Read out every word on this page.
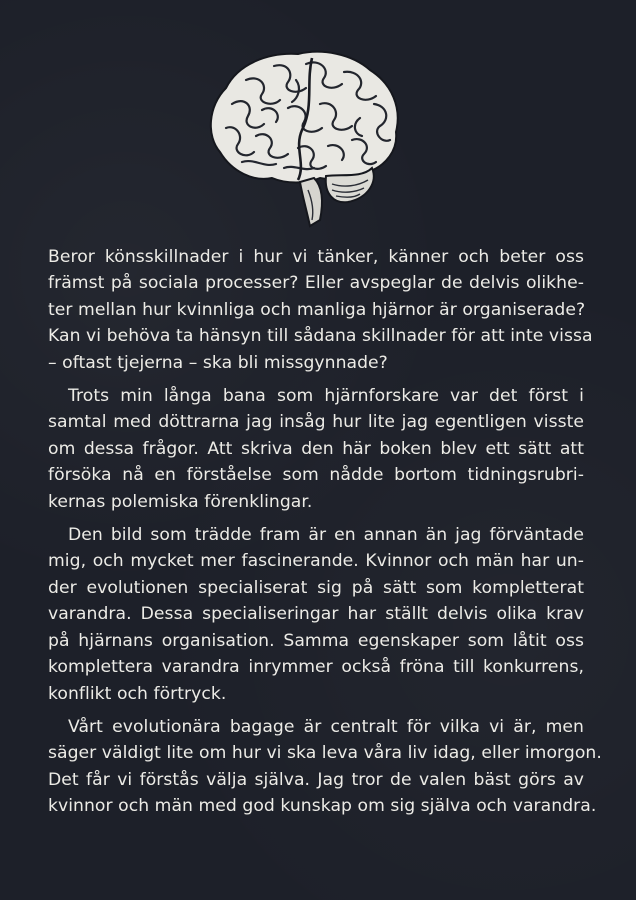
Beror könsskillnader i hur vi tänker, känner och beter oss
främst på sociala processer? Eller avspeglar de delvis olikhe-
ter mellan hur kvinnliga och manliga hjärnor är organiserade?
Kan vi behöva ta hänsyn till sådana skillnader för att inte vissa
– oftast tjejerna – ska bli missgynnade?

Trots min långa bana som hjärnforskare var det först i
samtal med döttrarna jag insåg hur lite jag egentligen visste
om dessa frågor. Att skriva den här boken blev ett sätt att
försöka nå en förståelse som nådde bortom tidningsrubri-
kernas polemiska förenklingar.

Den bild som trädde fram är en annan än jag förväntade
mig, och mycket mer fascinerande. Kvinnor och män har un-
der evolutionen specialiserat sig på sätt som kompletterat
varandra. Dessa specialiseringar har ställt delvis olika krav
på hjärnans organisation. Samma egenskaper som låtit oss
komplettera varandra inrymmer också fröna till konkurrens,
konflikt och förtryck.

Vårt evolutionära bagage är centralt för vilka vi är, men
säger väldigt lite om hur vi ska leva våra liv idag, eller imorgon.
Det får vi förstås välja själva. Jag tror de valen bäst görs av
kvinnor och män med god kunskap om sig själva och varandra.
